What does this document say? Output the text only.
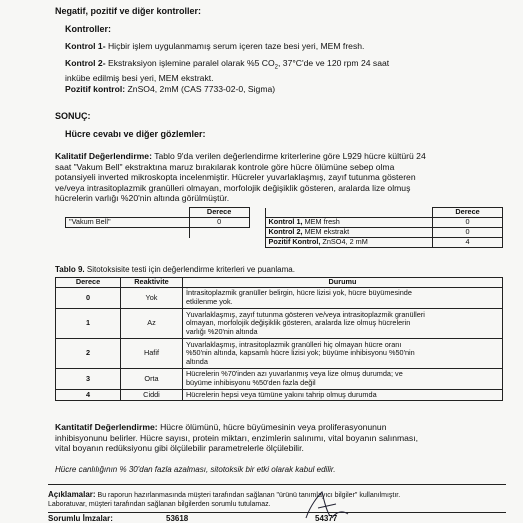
Negatif, pozitif ve diğer kontroller:
Kontroller:
Kontrol 1- Hiçbir işlem uygulanmamış serum içeren taze besi yeri, MEM fresh.
Kontrol 2- Ekstraksiyon işlemine paralel olarak %5 $CO_2$, 37°C'de ve 120 rpm 24 saat
inkübe edilmiş besi yeri, MEM ekstrakt.
Pozitif kontrol: ZnSO4, 2mM (CAS 7733-02-0, Sigma)
SONUÇ:
Hücre cevabı ve diğer gözlemler:
Kalitatif Değerlendirme: Tablo 9'da verilen değerlendirme kriterlerine göre L929 hücre kültürü 24
saat "Vakum Bell" ekstraktına maruz bırakılarak kontrole göre hücre ölümüne sebep olma
potansiyeli inverted mikroskopta incelenmiştir. Hücreler yuvarlaklaşmış, zayıf tutunma gösteren
ve/veya intrasitoplazmik granülleri olmayan, morfolojik değişiklik gösteren, aralarda lize olmuş
hücrelerin varlığı %20'nin altında görülmüştür.
	Derece			Derece
"Vakum Bell"	0		Kontrol 1, MEM fresh	0
			Kontrol 2, MEM ekstrakt	0
			Pozitif Kontrol, ZnSO4, 2 mM	4
Tablo 9. Sitotoksisite testi için değerlendirme kriterleri ve puanlama.
Derece	Reaktivite	Durumu
0	Yok	İntrasitoplazmik granüller belirgin, hücre lizisi yok, hücre büyümesinde
etkilenme yok.
1	Az	Yuvarlaklaşmış, zayıf tutunma gösteren ve/veya intrasitoplazmik granülleri
olmayan, morfolojik değişiklik gösteren, aralarda lize olmuş hücrelerin
varlığı %20'nin altında
2	Hafif	Yuvarlaklaşmış, intrasitoplazmik granülleri hiç olmayan hücre oranı
%50'nin altında, kapsamlı hücre lizisi yok; büyüme inhibisyonu %50'nin
altında
3	Orta	Hücrelerin %70'inden azı yuvarlanmış veya lize olmuş durumda; ve
büyüme inhibisyonu %50'den fazla değil
4	Ciddi	Hücrelerin hepsi veya tümüne yakını tahrip olmuş durumda
Kantitatif Değerlendirme: Hücre ölümünü, hücre büyümesinin veya proliferasyonunun
inhibisyonunu belirler. Hücre sayısı, protein miktarı, enzimlerin salınımı, vital boyanın salınması,
vital boyanın redüksiyonu gibi ölçülebilir parametrelerle ölçülebilir.
Hücre canlılığının % 30'dan fazla azalması, sitotoksik bir etki olarak kabul edilir.
Açıklamalar: Bu raporun hazırlanmasında müşteri tarafından sağlanan "ürünü tanımlayıcı bilgiler" kullanılmıştır.
Laboratuvar, müşteri tarafından sağlanan bilgilerden sorumlu tutulamaz.
Sorumlu İmzalar:	53618	54377
